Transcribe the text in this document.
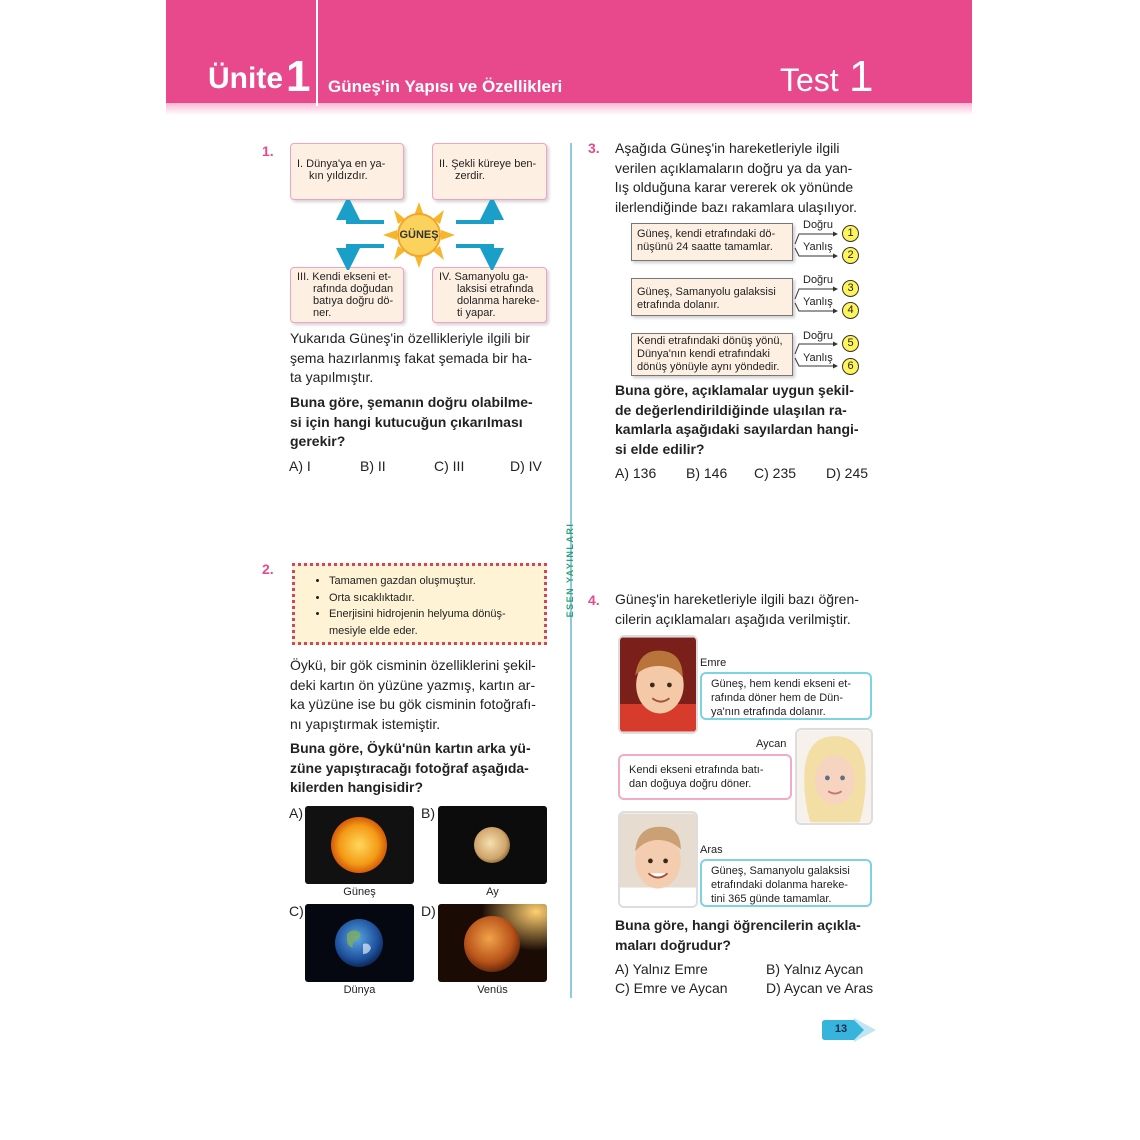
Ünite 1 Güneş'in Yapısı ve Özellikleri	Test 1
ESEN YAYINLARI
1.
I. Dünya'ya en ya-
kın yıldızdır.
II. Şekli küreye ben-
zerdir.
III. Kendi ekseni et-
rafında doğudan
batıya doğru dö-
ner.
IV. Samanyolu ga-
laksisi etrafında
dolanma hareke-
ti yapar.
GÜNEŞ
Yukarıda Güneş'in özellikleriyle ilgili bir
şema hazırlanmış fakat şemada bir ha-
ta yapılmıştır.
Buna göre, şemanın doğru olabilme-
si için hangi kutucuğun çıkarılması
gerekir?
A) I	B) II	C) III	D) IV
2.
• Tamamen gazdan oluşmuştur.
• Orta sıcaklıktadır.
• Enerjisini hidrojenin helyuma dönüş-
mesiyle elde eder.
Öykü, bir gök cisminin özelliklerini şekil-
deki kartın ön yüzüne yazmış, kartın ar-
ka yüzüne ise bu gök cisminin fotoğrafı-
nı yapıştırmak istemiştir.
Buna göre, Öykü'nün kartın arka yü-
züne yapıştıracağı fotoğraf aşağıda-
kilerden hangisidir?
A)
Güneş
B)
Ay
C)
Dünya
D)
Venüs
3. Aşağıda Güneş'in hareketleriyle ilgili
verilen açıklamaların doğru ya da yan-
lış olduğuna karar vererek ok yönünde
ilerlendiğinde bazı rakamlara ulaşılıyor.
Güneş, kendi etrafındaki dö-
nüşünü 24 saatte tamamlar.
Güneş, Samanyolu galaksisi
etrafında dolanır.
Kendi etrafındaki dönüş yönü,
Dünya'nın kendi etrafındaki
dönüş yönüyle aynı yöndedir.
Doğru
Yanlış
Doğru
Yanlış
Doğru
Yanlış
1
2
3
4
5
6
Buna göre, açıklamalar uygun şekil-
de değerlendirildiğinde ulaşılan ra-
kamlarla aşağıdaki sayılardan hangi-
si elde edilir?
A) 136 B) 146 C) 235 D) 245
4. Güneş'in hareketleriyle ilgili bazı öğren-
cilerin açıklamaları aşağıda verilmiştir.
Emre
Güneş, hem kendi ekseni et-
rafında döner hem de Dün-
ya'nın etrafında dolanır.
Aycan
Kendi ekseni etrafında batı-
dan doğuya doğru döner.
Aras
Güneş, Samanyolu galaksisi
etrafındaki dolanma hareke-
tini 365 günde tamamlar.
Buna göre, hangi öğrencilerin açıkla-
maları doğrudur?
A) Yalnız Emre	B) Yalnız Aycan
C) Emre ve Aycan	D) Aycan ve Aras
13
